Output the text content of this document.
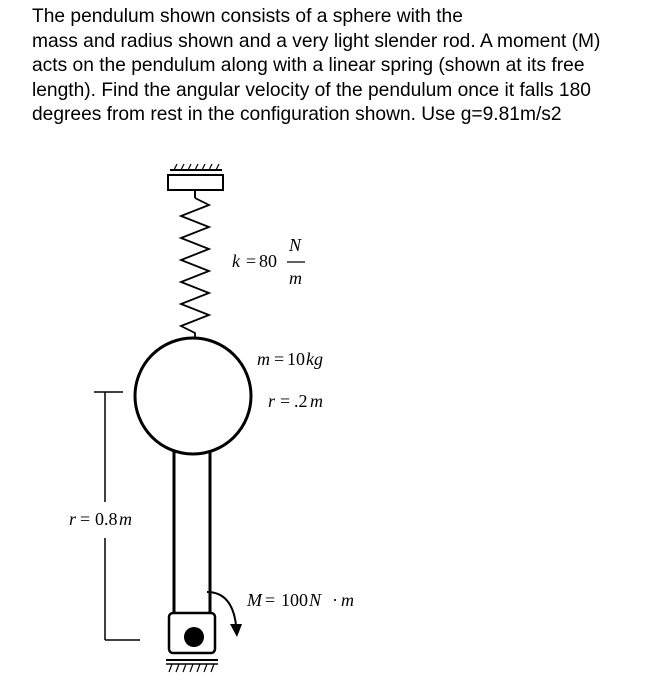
The pendulum shown consists of a sphere with the
mass and radius shown and a very light slender rod. A moment (M)
acts on the pendulum along with a linear spring (shown at its free
length). Find the angular velocity of the pendulum once it falls 180
degrees from rest in the configuration shown. Use g=9.81m/s2

k = 80
N
m
m = 10 kg
r = .2 m
r = 0.8 m
M = 100 N · m
